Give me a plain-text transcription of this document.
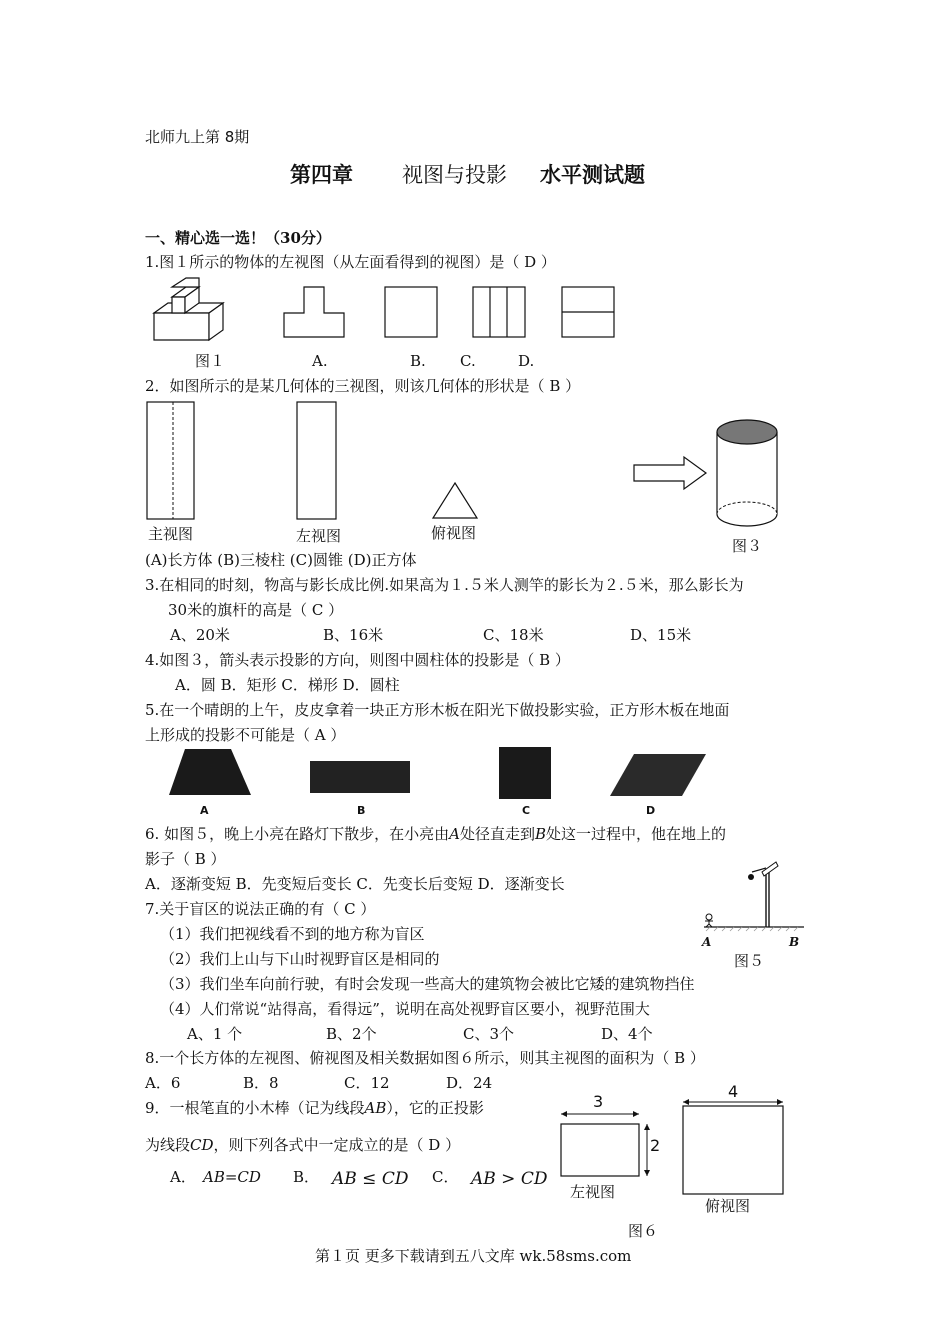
北师九上第 8期
第四章 视图与投影 水平测试题
一、精心选一选！（30分）
1.图１所示的物体的左视图（从左面看得到的视图）是（ D ）
图１	A.	B. C.	D.
2．如图所示的是某几何体的三视图，则该几何体的形状是（ B ）
主视图	左视图	俯视图
图３
(A)长方体 (B)三棱柱 (C)圆锥 (D)正方体
3.在相同的时刻，物高与影长成比例.如果高为１.５米人测竿的影长为２.５米，那么影长为
30米的旗杆的高是（ C ）
A、20米	B、16米	C、18米	D、15米
4.如图３，箭头表示投影的方向，则图中圆柱体的投影是（ B ）
A．圆 B．矩形 C．梯形 D．圆柱
5.在一个晴朗的上午，皮皮拿着一块正方形木板在阳光下做投影实验，正方形木板在地面
上形成的投影不可能是（ A ）
A	B	C	D
6. 如图５，晚上小亮在路灯下散步，在小亮由A处径直走到B处这一过程中，他在地上的
影子（ B ）
A．逐渐变短 B．先变短后变长 C．先变长后变短 D．逐渐变长
A	B
图５
7.关于盲区的说法正确的有（ C ）
（1）我们把视线看不到的地方称为盲区
（2）我们上山与下山时视野盲区是相同的
（3）我们坐车向前行驶，有时会发现一些高大的建筑物会被比它矮的建筑物挡住
（4）人们常说“站得高，看得远”，说明在高处视野盲区要小，视野范围大
A、1 个	B、2个	C、3个	D、4个
8.一个长方体的左视图、俯视图及相关数据如图６所示，则其主视图的面积为（ B ）
A．6	B．8	C．12	D．24
9．一根笔直的小木棒（记为线段AB），它的正投影
为线段CD，则下列各式中一定成立的是（ D ）
A． AB=CD B． AB ≤ CD C． AB > CD
3
2
左视图
4
俯视图
图６
第１页 更多下载请到五八文库 wk.58sms.com
